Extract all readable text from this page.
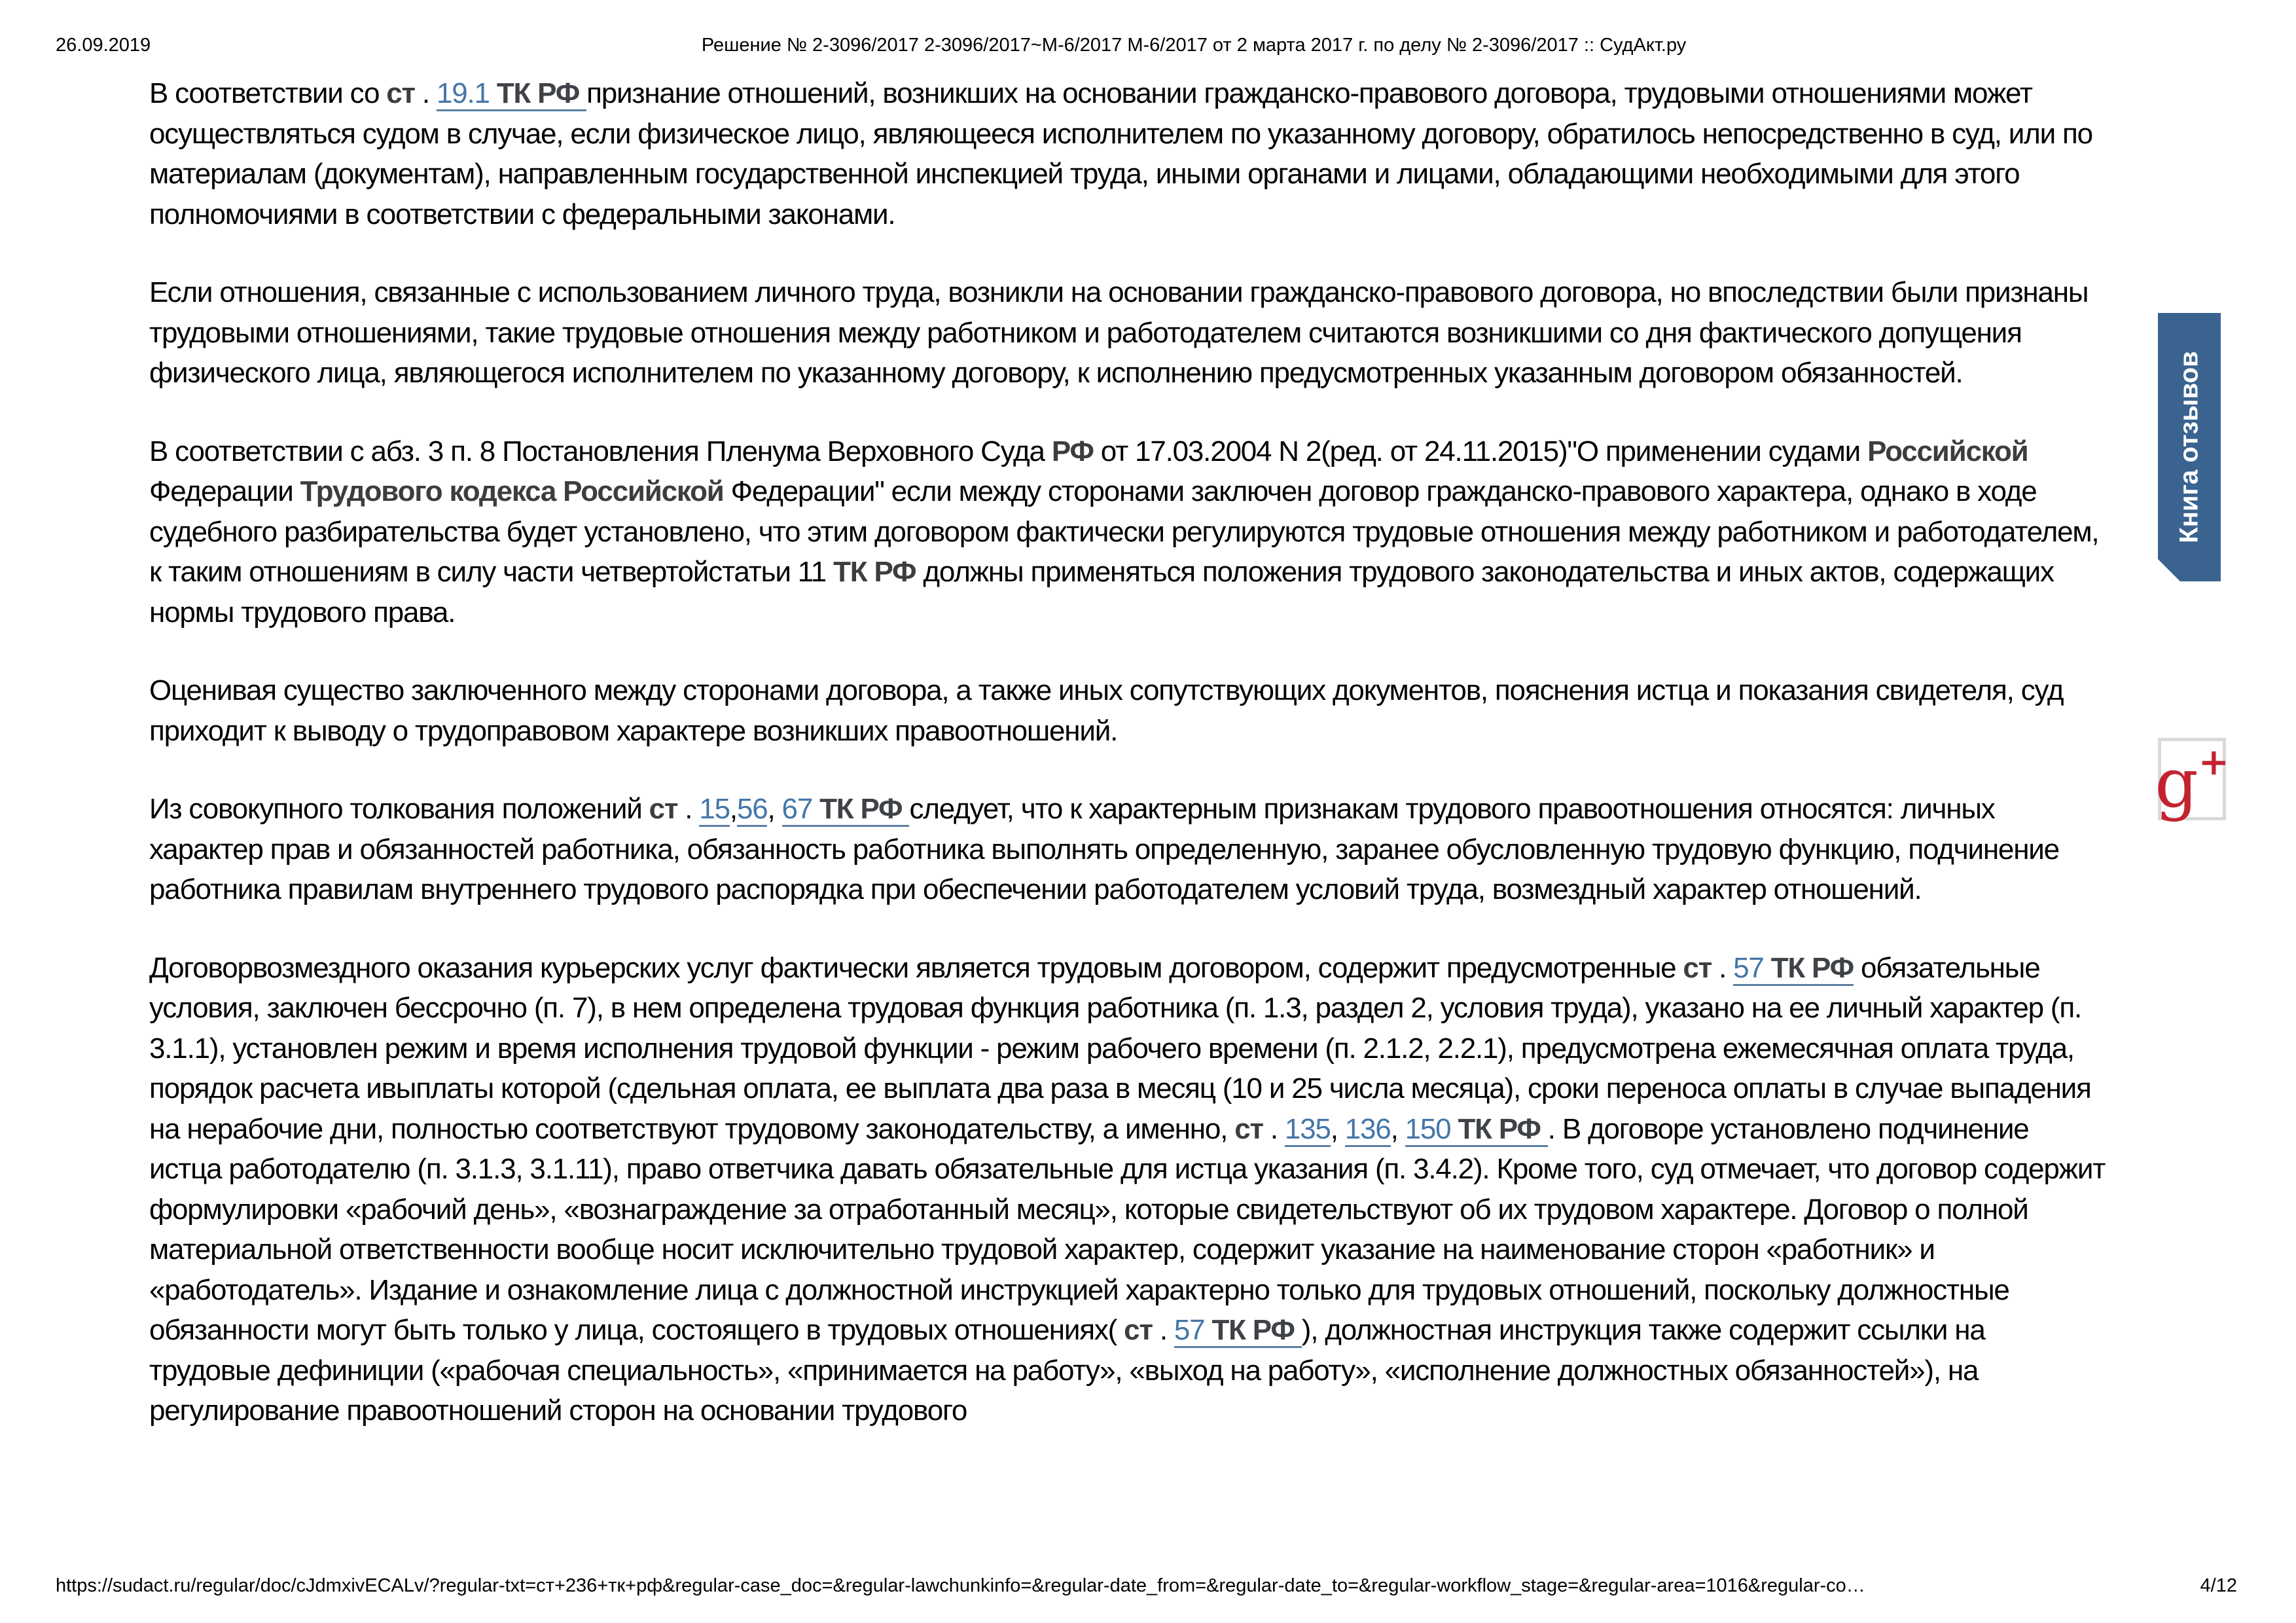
26.09.2019	Решение № 2-3096/2017 2-3096/2017~М-6/2017 М-6/2017 от 2 марта 2017 г. по делу № 2-3096/2017 :: СудАкт.ру

В соответствии со ст . 19.1 ТК РФ признание отношений, возникших на основании гражданско-правового договора, трудовыми отношениями может осуществляться судом в случае, если физическое лицо, являющееся исполнителем по указанному договору, обратилось непосредственно в суд, или по материалам (документам), направленным государственной инспекцией труда, иными органами и лицами, обладающими необходимыми для этого полномочиями в соответствии с федеральными законами.

Если отношения, связанные с использованием личного труда, возникли на основании гражданско-правового договора, но впоследствии были признаны трудовыми отношениями, такие трудовые отношения между работником и работодателем считаются возникшими со дня фактического допущения физического лица, являющегося исполнителем по указанному договору, к исполнению предусмотренных указанным договором обязанностей.

В соответствии с абз. 3 п. 8 Постановления Пленума Верховного Суда РФ от 17.03.2004 N 2(ред. от 24.11.2015)"О применении судами Российской Федерации Трудового кодекса Российской Федерации" если между сторонами заключен договор гражданско-правового характера, однако в ходе судебного разбирательства будет установлено, что этим договором фактически регулируются трудовые отношения между работником и работодателем, к таким отношениям в силу части четвертойстатьи 11 ТК РФ должны применяться положения трудового законодательства и иных актов, содержащих нормы трудового права.

Оценивая существо заключенного между сторонами договора, а также иных сопутствующих документов, пояснения истца и показания свидетеля, суд приходит к выводу о трудоправовом характере возникших правоотношений.

Из совокупного толкования положений ст . 15,56, 67 ТК РФ следует, что к характерным признакам трудового правоотношения относятся: личных характер прав и обязанностей работника, обязанность работника выполнять определенную, заранее обусловленную трудовую функцию, подчинение работника правилам внутреннего трудового распорядка при обеспечении работодателем условий труда, возмездный характер отношений.

Договорвозмездного оказания курьерских услуг фактически является трудовым договором, содержит предусмотренные ст . 57 ТК РФ обязательные условия, заключен бессрочно (п. 7), в нем определена трудовая функция работника (п. 1.3, раздел 2, условия труда), указано на ее личный характер (п. 3.1.1), установлен режим и время исполнения трудовой функции - режим рабочего времени (п. 2.1.2, 2.2.1), предусмотрена ежемесячная оплата труда, порядок расчета ивыплаты которой (сдельная оплата, ее выплата два раза в месяц (10 и 25 числа месяца), сроки переноса оплаты в случае выпадения на нерабочие дни, полностью соответствуют трудовому законодательству, а именно, ст . 135, 136, 150 ТК РФ . В договоре установлено подчинение истца работодателю (п. 3.1.3, 3.1.11), право ответчика давать обязательные для истца указания (п. 3.4.2). Кроме того, суд отмечает, что договор содержит формулировки «рабочий день», «вознаграждение за отработанный месяц», которые свидетельствуют об их трудовом характере. Договор о полной материальной ответственности вообще носит исключительно трудовой характер, содержит указание на наименование сторон «работник» и «работодатель». Издание и ознакомление лица с должностной инструкцией характерно только для трудовых отношений, поскольку должностные обязанности могут быть только у лица, состоящего в трудовых отношениях( ст . 57 ТК РФ ), должностная инструкция также содержит ссылки на трудовые дефиниции («рабочая специальность», «принимается на работу», «выход на работу», «исполнение должностных обязанностей»), на регулирование правоотношений сторон на основании трудового

Книга отзывов
g +
https://sudact.ru/regular/doc/cJdmxivECALv/?regular-txt=ст+236+тк+рф&regular-case_doc=&regular-lawchunkinfo=&regular-date_from=&regular-date_to=&regular-workflow_stage=&regular-area=1016&regular-co…	4/12
